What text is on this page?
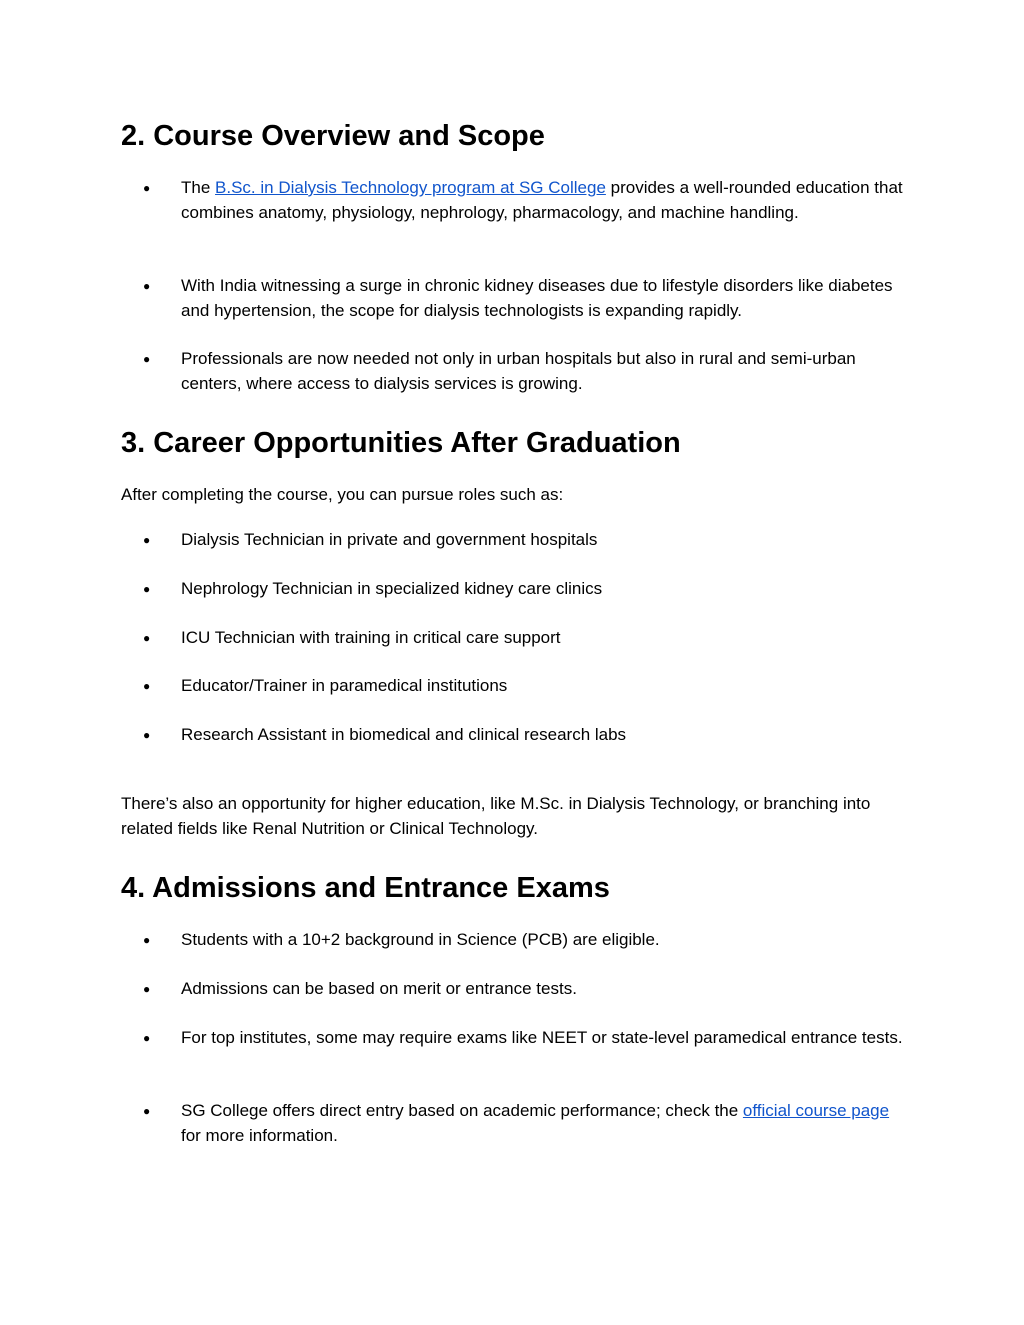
2. Course Overview and Scope
● The B.Sc. in Dialysis Technology program at SG College provides a well-rounded education that combines anatomy, physiology, nephrology, pharmacology, and machine handling.
● With India witnessing a surge in chronic kidney diseases due to lifestyle disorders like diabetes and hypertension, the scope for dialysis technologists is expanding rapidly.
● Professionals are now needed not only in urban hospitals but also in rural and semi-urban centers, where access to dialysis services is growing.
3. Career Opportunities After Graduation

After completing the course, you can pursue roles such as:

● Dialysis Technician in private and government hospitals
● Nephrology Technician in specialized kidney care clinics
● ICU Technician with training in critical care support
● Educator/Trainer in paramedical institutions
● Research Assistant in biomedical and clinical research labs

There’s also an opportunity for higher education, like M.Sc. in Dialysis Technology, or branching into related fields like Renal Nutrition or Clinical Technology.

4. Admissions and Entrance Exams
● Students with a 10+2 background in Science (PCB) are eligible.
● Admissions can be based on merit or entrance tests.
● For top institutes, some may require exams like NEET or state-level paramedical entrance tests.
● SG College offers direct entry based on academic performance; check the official course page for more information.
